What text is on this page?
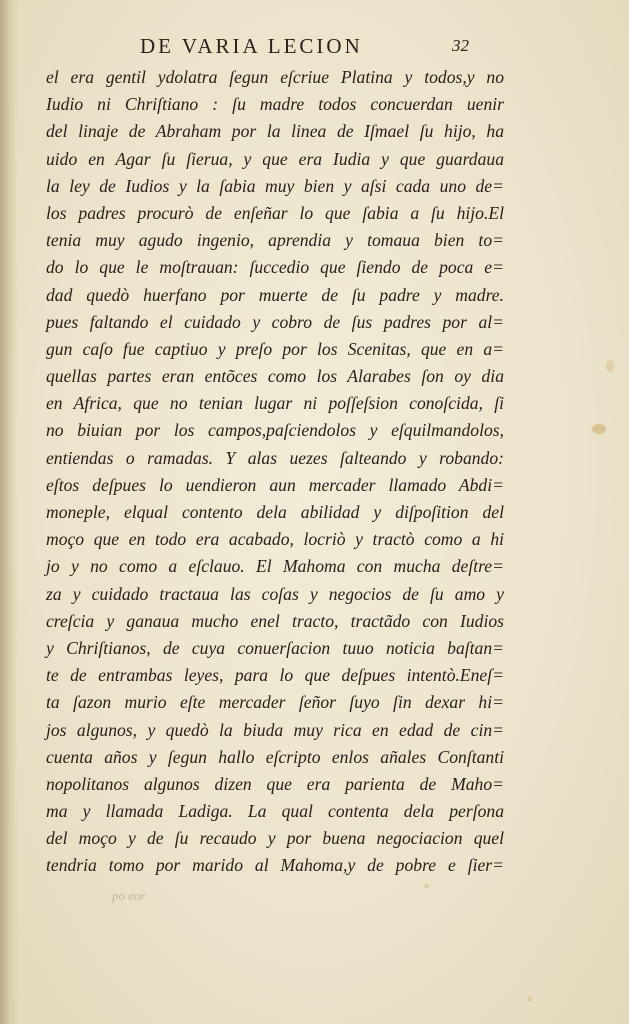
DE VARIA LECION	32
el era gentil ydolatra ſegun eſcriue Platina y todos,y no
Iudio ni Chriſtiano : ſu madre todos concuerdan uenir
del linaje de Abraham por la linea de Iſmael ſu hijo, ha
uido en Agar ſu ſierua, y que era Iudia y que guardaua
la ley de Iudios y la ſabia muy bien y aſsi cada uno de=
los padres procurò de enſeñar lo que ſabia a ſu hijo.El
tenia muy agudo ingenio, aprendia y tomaua bien to=
do lo que le moſtrauan: ſuccedio que ſiendo de poca e=
dad quedò huerfano por muerte de ſu padre y madre.
pues faltando el cuidado y cobro de ſus padres por al=
gun caſo fue captiuo y preſo por los Scenitas, que en a=
quellas partes eran entõces como los Alarabes ſon oy dia
en Africa, que no tenian lugar ni poſſeſsion conoſcida, ſi
no biuian por los campos,paſciendolos y eſquilmandolos,
entiendas o ramadas. Y alas uezes ſalteando y robando:
eſtos deſpues lo uendieron aun mercader llamado Abdi=
moneple, elqual contento dela abilidad y diſpoſition del
moço que en todo era acabado, locriò y tractò como a hi
jo y no como a eſclauo. El Mahoma con mucha deſtre=
za y cuidado tractaua las coſas y negocios de ſu amo y
creſcia y ganaua mucho enel tracto, tractãdo con Iudios
y Chriſtianos, de cuya conuerſacion tuuo noticia baſtan=
te de entrambas leyes, para lo que deſpues intentò.Eneſ=
ta ſazon murio eſte mercader ſeñor ſuyo ſin dexar hi=
jos algunos, y quedò la biuda muy rica en edad de cin=
cuenta años y ſegun hallo eſcripto enlos añales Conſtanti
nopolitanos algunos dizen que era parienta de Maho=
ma y llamada Ladiga. La qual contenta dela perſona
del moço y de ſu recaudo y por buena negociacion quel
tendria tomo por marido al Mahoma,y de pobre e ſier=
po eor
